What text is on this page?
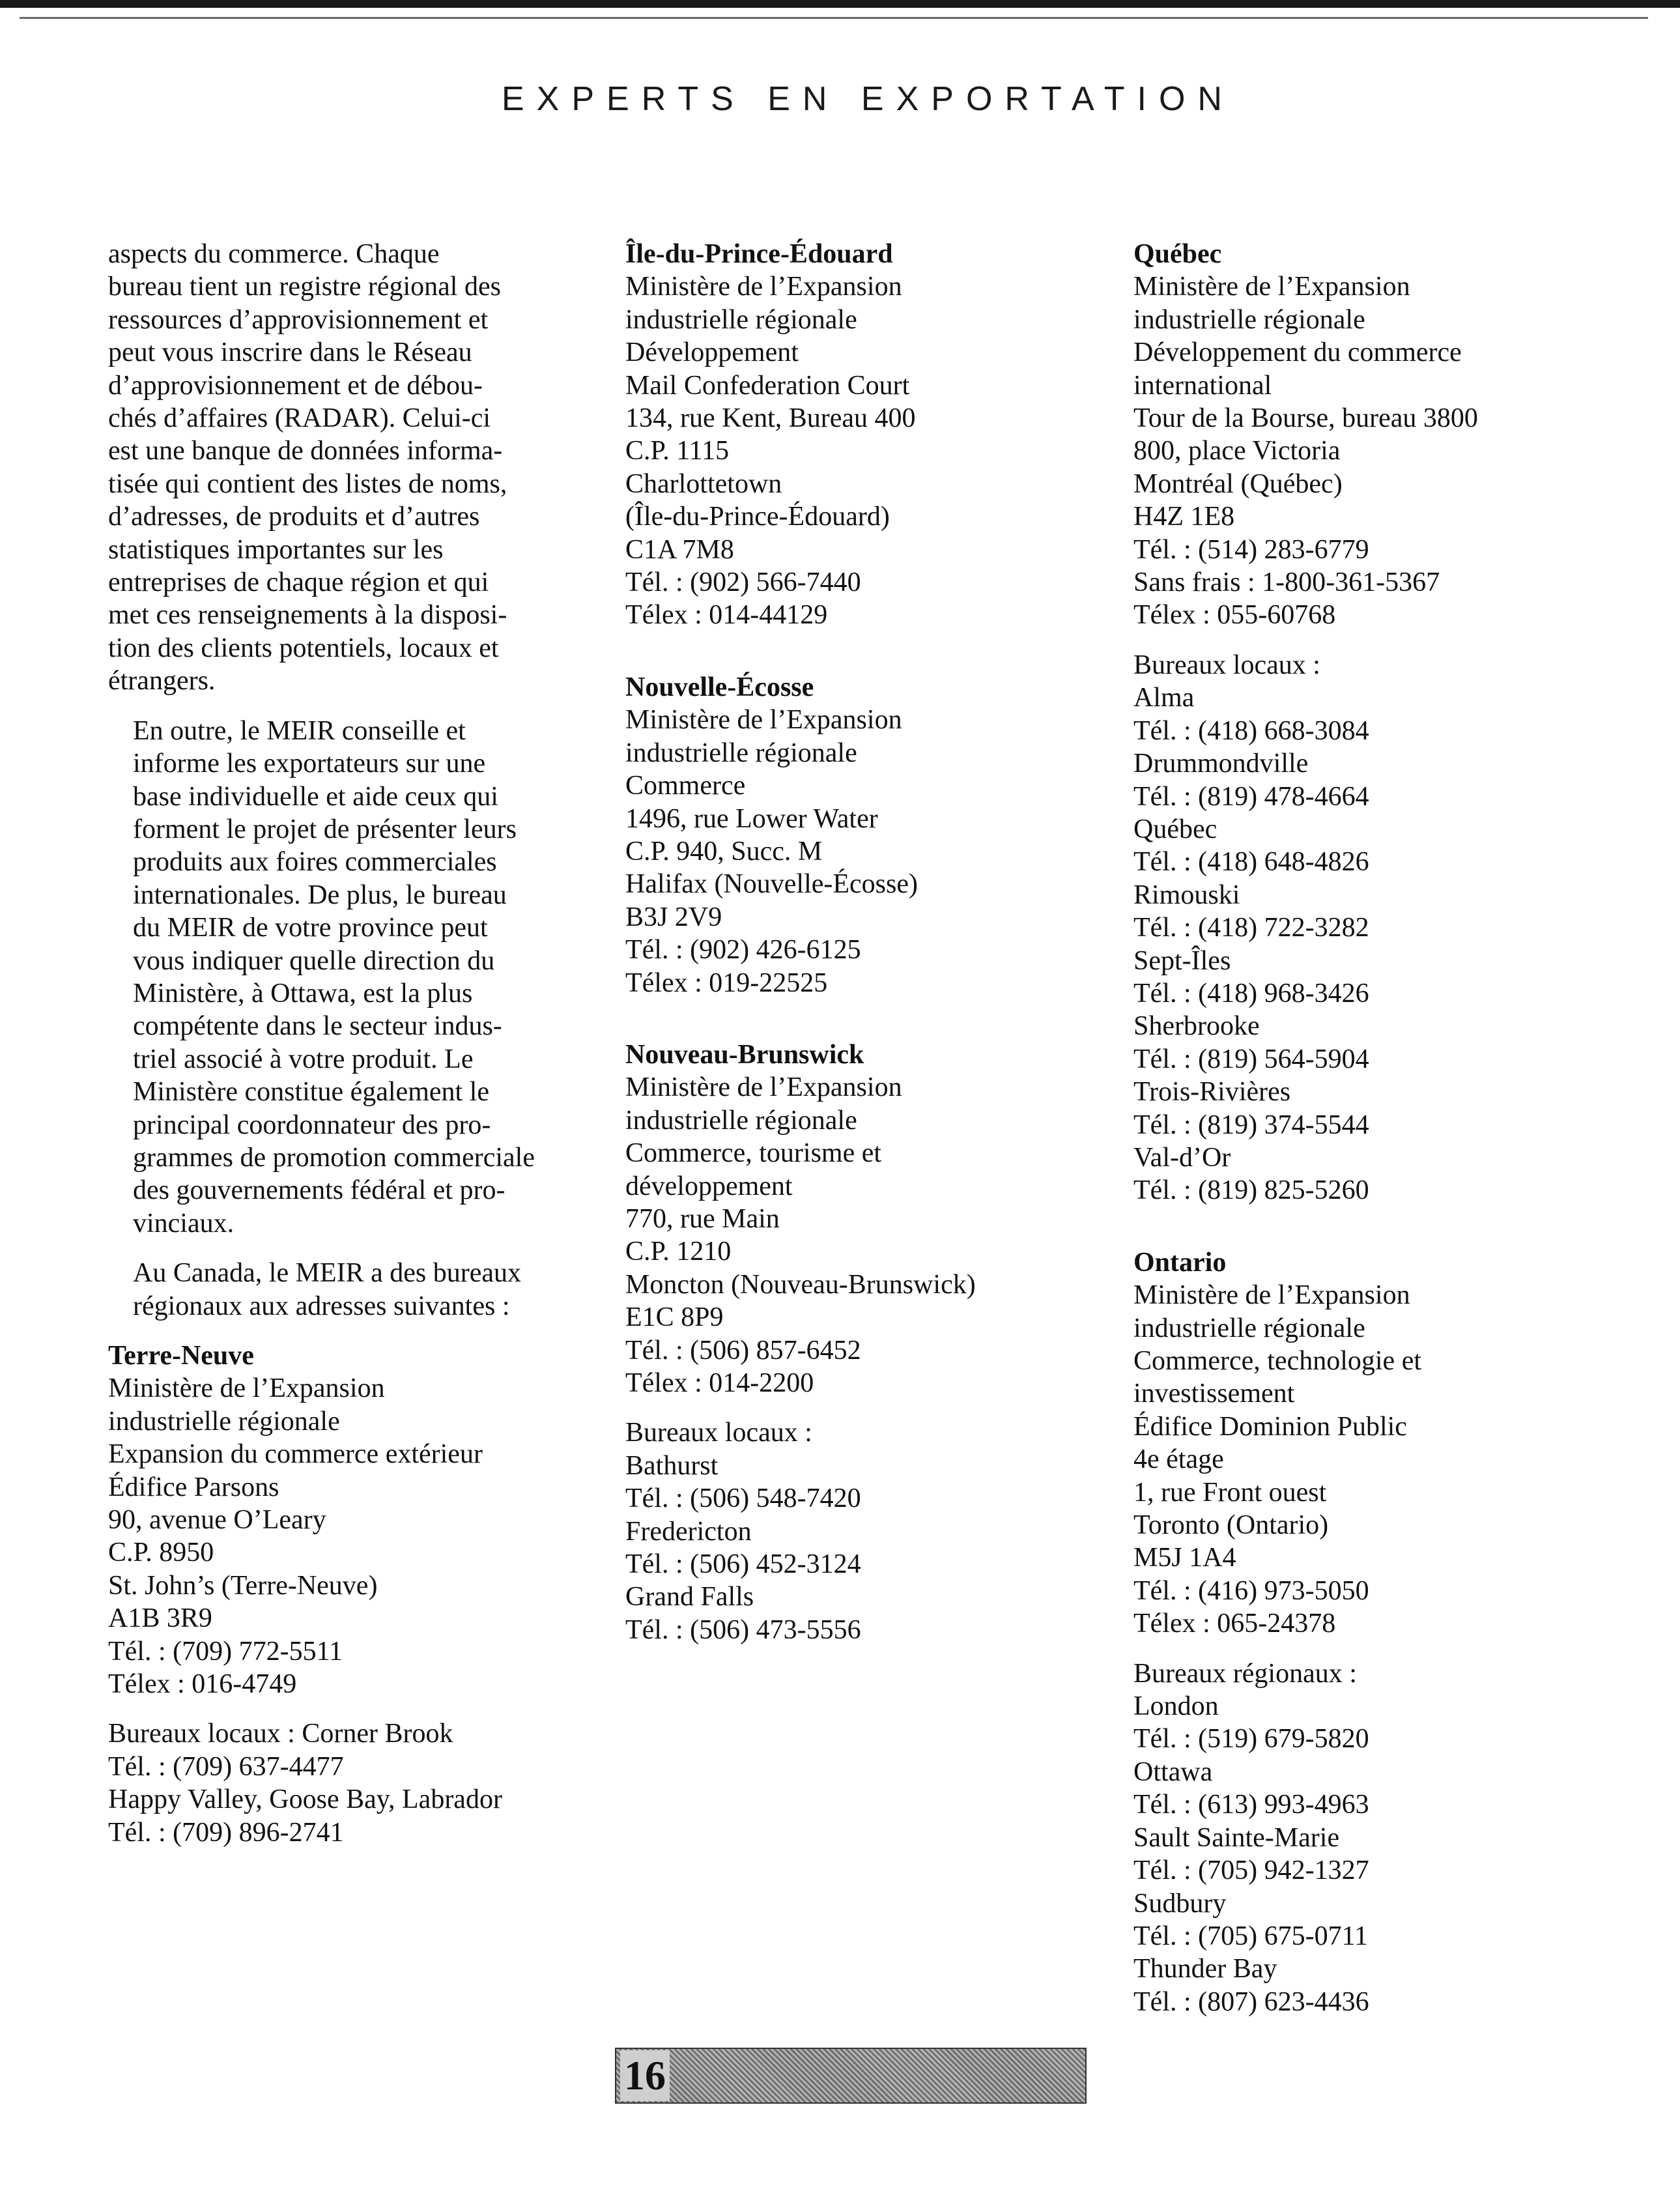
EXPERTS EN EXPORTATION

aspects du commerce. Chaque
bureau tient un registre régional des
ressources d’approvisionnement et
peut vous inscrire dans le Réseau
d’approvisionnement et de débou-
chés d’affaires (RADAR). Celui-ci
est une banque de données informa-
tisée qui contient des listes de noms,
d’adresses, de produits et d’autres
statistiques importantes sur les
entreprises de chaque région et qui
met ces renseignements à la disposi-
tion des clients potentiels, locaux et
étrangers.

En outre, le MEIR conseille et
informe les exportateurs sur une
base individuelle et aide ceux qui
forment le projet de présenter leurs
produits aux foires commerciales
internationales. De plus, le bureau
du MEIR de votre province peut
vous indiquer quelle direction du
Ministère, à Ottawa, est la plus
compétente dans le secteur indus-
triel associé à votre produit. Le
Ministère constitue également le
principal coordonnateur des pro-
grammes de promotion commerciale
des gouvernements fédéral et pro-
vinciaux.

Au Canada, le MEIR a des bureaux
régionaux aux adresses suivantes :

Terre-Neuve
Ministère de l’Expansion
industrielle régionale
Expansion du commerce extérieur
Édifice Parsons
90, avenue O’Leary
C.P. 8950
St. John’s (Terre-Neuve)
A1B 3R9
Tél. : (709) 772-5511
Télex : 016-4749
Bureaux locaux : Corner Brook
Tél. : (709) 637-4477
Happy Valley, Goose Bay, Labrador
Tél. : (709) 896-2741
Île-du-Prince-Édouard
Ministère de l’Expansion
industrielle régionale
Développement
Mail Confederation Court
134, rue Kent, Bureau 400
C.P. 1115
Charlottetown
(Île-du-Prince-Édouard)
C1A 7M8
Tél. : (902) 566-7440
Télex : 014-44129
Nouvelle-Écosse
Ministère de l’Expansion
industrielle régionale
Commerce
1496, rue Lower Water
C.P. 940, Succ. M
Halifax (Nouvelle-Écosse)
B3J 2V9
Tél. : (902) 426-6125
Télex : 019-22525
Nouveau-Brunswick
Ministère de l’Expansion
industrielle régionale
Commerce, tourisme et
développement
770, rue Main
C.P. 1210
Moncton (Nouveau-Brunswick)
E1C 8P9
Tél. : (506) 857-6452
Télex : 014-2200
Bureaux locaux :
Bathurst
Tél. : (506) 548-7420
Fredericton
Tél. : (506) 452-3124
Grand Falls
Tél. : (506) 473-5556
Québec
Ministère de l’Expansion
industrielle régionale
Développement du commerce
international
Tour de la Bourse, bureau 3800
800, place Victoria
Montréal (Québec)
H4Z 1E8
Tél. : (514) 283-6779
Sans frais : 1-800-361-5367
Télex : 055-60768
Bureaux locaux :
Alma
Tél. : (418) 668-3084
Drummondville
Tél. : (819) 478-4664
Québec
Tél. : (418) 648-4826
Rimouski
Tél. : (418) 722-3282
Sept-Îles
Tél. : (418) 968-3426
Sherbrooke
Tél. : (819) 564-5904
Trois-Rivières
Tél. : (819) 374-5544
Val-d’Or
Tél. : (819) 825-5260
Ontario
Ministère de l’Expansion
industrielle régionale
Commerce, technologie et
investissement
Édifice Dominion Public
4e étage
1, rue Front ouest
Toronto (Ontario)
M5J 1A4
Tél. : (416) 973-5050
Télex : 065-24378
Bureaux régionaux :
London
Tél. : (519) 679-5820
Ottawa
Tél. : (613) 993-4963
Sault Sainte-Marie
Tél. : (705) 942-1327
Sudbury
Tél. : (705) 675-0711
Thunder Bay
Tél. : (807) 623-4436
16
